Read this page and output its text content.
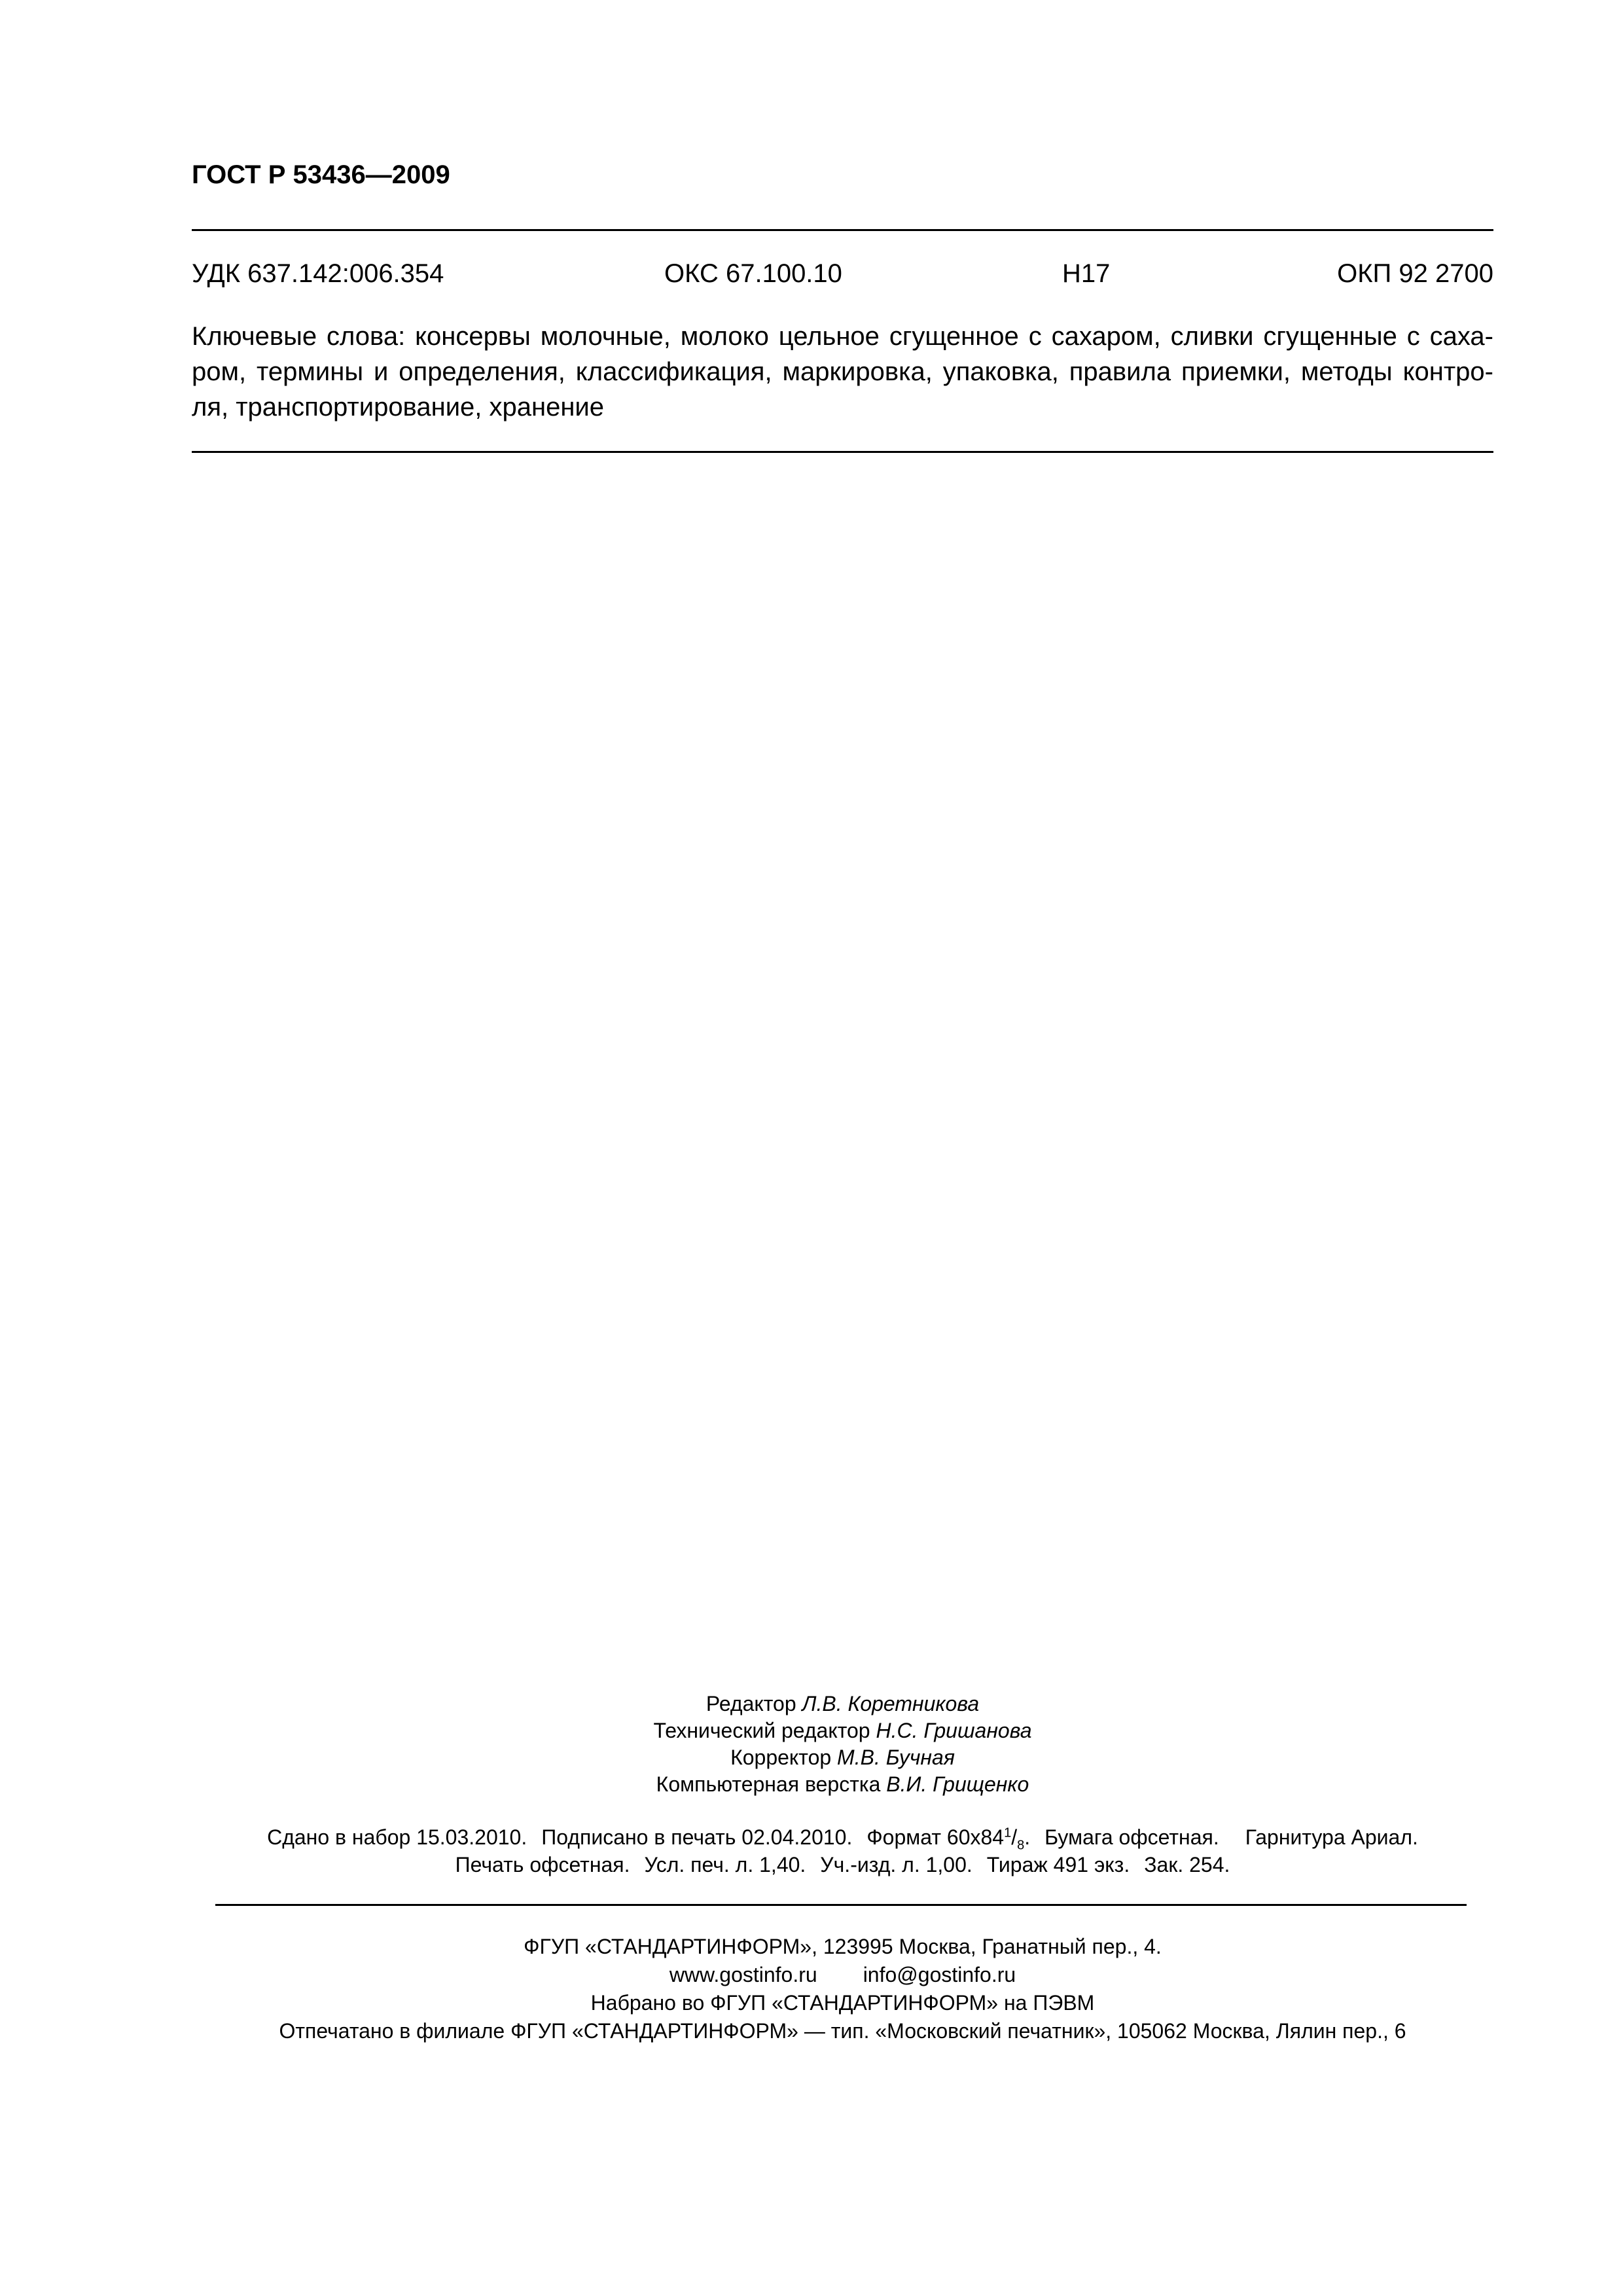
ГОСТ Р 53436—2009
УДК 637.142:006.354	ОКС 67.100.10	Н17	ОКП 92 2700
Ключевые слова: консервы молочные, молоко цельное сгущенное с сахаром, сливки сгущенные с саха-
ром, термины и определения, классификация, маркировка, упаковка, правила приемки, методы контро-
ля, транспортирование, хранение
Редактор Л.В. Коретникова
Технический редактор Н.С. Гришанова
Корректор М.В. Бучная
Компьютерная верстка В.И. Грищенко
Сдано в набор 15.03.2010. Подписано в печать 02.04.2010. Формат $60х84^1/_8$. Бумага офсетная. Гарнитура Ариал.
Печать офсетная. Усл. печ. л. 1,40. Уч.-изд. л. 1,00. Тираж 491 экз. Зак. 254.
ФГУП «СТАНДАРТИНФОРМ», 123995 Москва, Гранатный пер., 4.
www.gostinfo.ru info@gostinfo.ru
Набрано во ФГУП «СТАНДАРТИНФОРМ» на ПЭВМ
Отпечатано в филиале ФГУП «СТАНДАРТИНФОРМ» — тип. «Московский печатник», 105062 Москва, Лялин пер., 6
